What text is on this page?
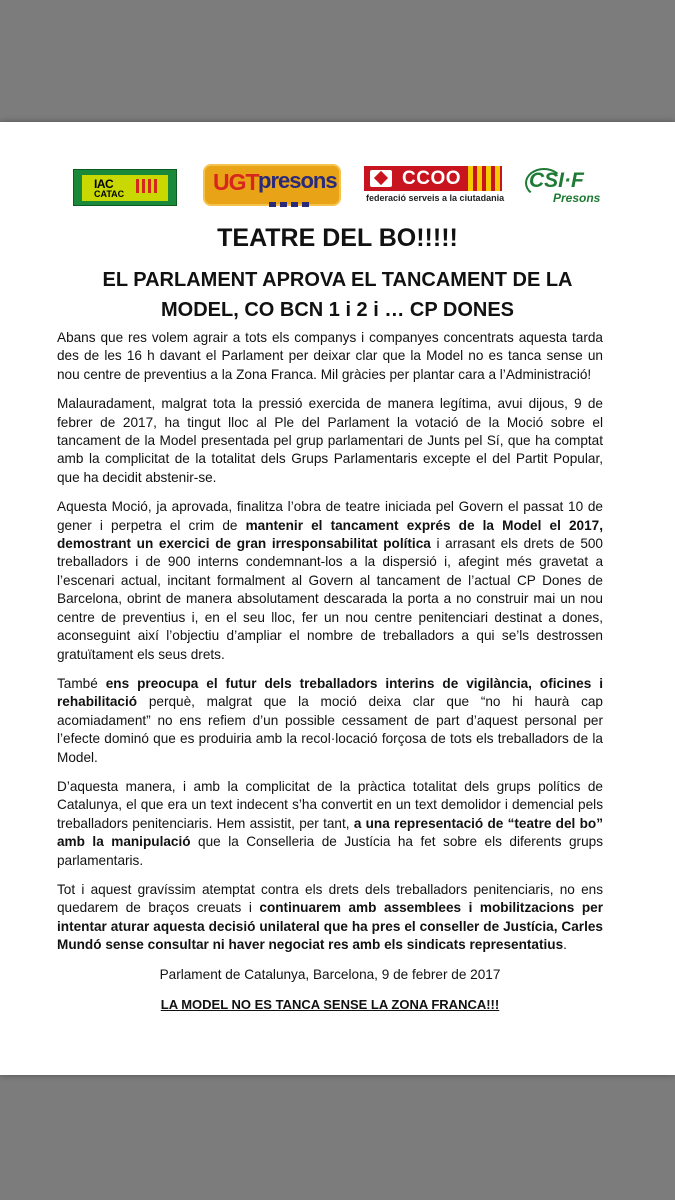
IAC
CATAC	UGT presons	CCOO
federació serveis a la ciutadania
CSI·F
Presons
TEATRE DEL BO!!!!!
EL PARLAMENT APROVA EL TANCAMENT DE LA MODEL, CO BCN 1 i 2 i … CP DONES

Abans que res volem agrair a tots els companys i companyes concentrats aquesta tarda des de les 16 h davant el Parlament per deixar clar que la Model no es tanca sense un nou centre de preventius a la Zona Franca. Mil gràcies per plantar cara a l’Administració!

Malauradament, malgrat tota la pressió exercida de manera legítima, avui dijous, 9 de febrer de 2017, ha tingut lloc al Ple del Parlament la votació de la Moció sobre el tancament de la Model presentada pel grup parlamentari de Junts pel Sí, que ha comptat amb la complicitat de la totalitat dels Grups Parlamentaris excepte el del Partit Popular, que ha decidit abstenir-se.

Aquesta Moció, ja aprovada, finalitza l’obra de teatre iniciada pel Govern el passat 10 de gener i perpetra el crim de mantenir el tancament exprés de la Model el 2017, demostrant un exercici de gran irresponsabilitat política i arrasant els drets de 500 treballadors i de 900 interns condemnant-los a la dispersió i, afegint més gravetat a l’escenari actual, incitant formalment al Govern al tancament de l’actual CP Dones de Barcelona, obrint de manera absolutament descarada la porta a no construir mai un nou centre de preventius i, en el seu lloc, fer un nou centre penitenciari destinat a dones, aconseguint així l’objectiu d’ampliar el nombre de treballadors a qui se’ls destrossen gratuïtament els seus drets.

També ens preocupa el futur dels treballadors interins de vigilància, oficines i rehabilitació perquè, malgrat que la moció deixa clar que “no hi haurà cap acomiadament” no ens refiem d’un possible cessament de part d’aquest personal per l’efecte dominó que es produiria amb la recol·locació forçosa de tots els treballadors de la Model.

D’aquesta manera, i amb la complicitat de la pràctica totalitat dels grups polítics de Catalunya, el que era un text indecent s’ha convertit en un text demolidor i demencial pels treballadors penitenciaris. Hem assistit, per tant, a una representació de “teatre del bo” amb la manipulació que la Conselleria de Justícia ha fet sobre els diferents grups parlamentaris.

Tot i aquest gravíssim atemptat contra els drets dels treballadors penitenciaris, no ens quedarem de braços creuats i continuarem amb assemblees i mobilitzacions per intentar aturar aquesta decisió unilateral que ha pres el conseller de Justícia, Carles Mundó sense consultar ni haver negociat res amb els sindicats representatius.

Parlament de Catalunya, Barcelona, 9 de febrer de 2017

LA MODEL NO ES TANCA SENSE LA ZONA FRANCA!!!
